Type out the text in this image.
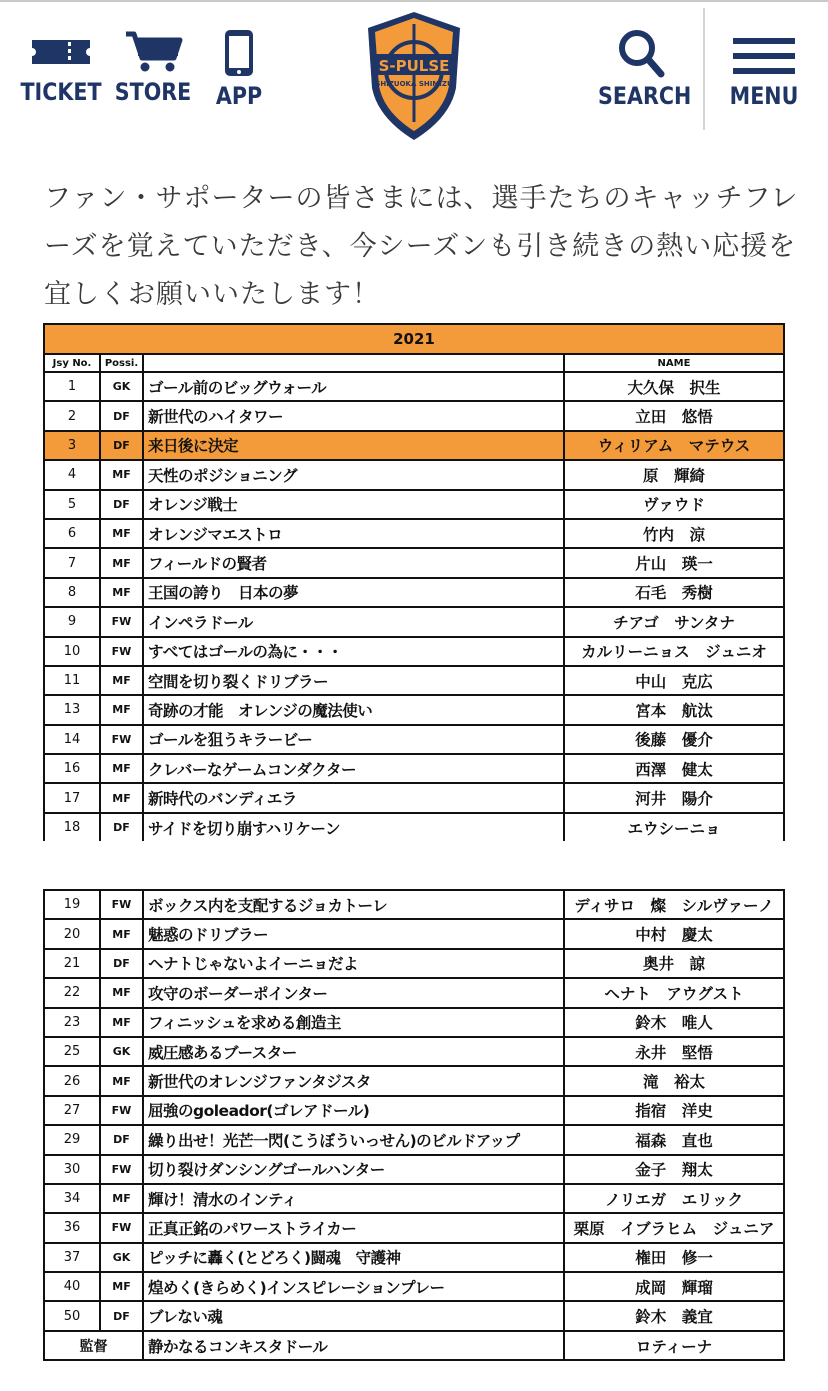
TICKET STORE	APP
S-PULSE
SHIZUOKA SHIMIZU	SEARCH	MENU

ファン・サポーターの皆さまには、選手たちのキャッチフレーズを覚えていただき、今シーズンも引き続きの熱い応援を宜しくお願いいたします！

2021			
Jsy No.	Possi.		NAME
1	GK	ゴール前のビッグウォール	大久保　択生
2	DF	新世代のハイタワー	立田　悠悟
3	DF	来日後に決定	ウィリアム　マテウス
4	MF	天性のポジショニング	原　輝綺
5	DF	オレンジ戦士	ヴァウド
6	MF	オレンジマエストロ	竹内　涼
7	MF	フィールドの賢者	片山　瑛一
8	MF	王国の誇り　日本の夢	石毛　秀樹
9	FW	インペラドール	チアゴ　サンタナ
10	FW	すべてはゴールの為に・・・	カルリーニョス　ジュニオ
11	MF	空間を切り裂くドリブラー	中山　克広
13	MF	奇跡の才能　オレンジの魔法使い	宮本　航汰
14	FW	ゴールを狙うキラービー	後藤　優介
16	MF	クレバーなゲームコンダクター	西澤　健太
17	MF	新時代のバンディエラ	河井　陽介
18	DF	サイドを切り崩すハリケーン	エウシーニョ
19	FW	ボックス内を支配するジョカトーレ	ディサロ　燦　シルヴァーノ
20	MF	魅惑のドリブラー	中村　慶太
21	DF	ヘナトじゃないよイーニョだよ	奥井　諒
22	MF	攻守のボーダーポインター	ヘナト　アウグスト
23	MF	フィニッシュを求める創造主	鈴木　唯人
25	GK	威圧感あるブースター	永井　堅悟
26	MF	新世代のオレンジファンタジスタ	滝　裕太
27	FW	屈強のgoleador(ゴレアドール)	指宿　洋史
29	DF	繰り出せ！光芒一閃(こうぼういっせん)のビルドアップ	福森　直也
30	FW	切り裂けダンシングゴールハンター	金子　翔太
34	MF	輝け！清水のインティ	ノリエガ　エリック
36	FW	正真正銘のパワーストライカー	栗原　イブラヒム　ジュニア
37	GK	ピッチに轟く(とどろく)闘魂　守護神	権田　修一
40	MF	煌めく(きらめく)インスピレーションプレー	成岡　輝瑠
50	DF	ブレない魂	鈴木　義宜
監督		静かなるコンキスタドール	ロティーナ
